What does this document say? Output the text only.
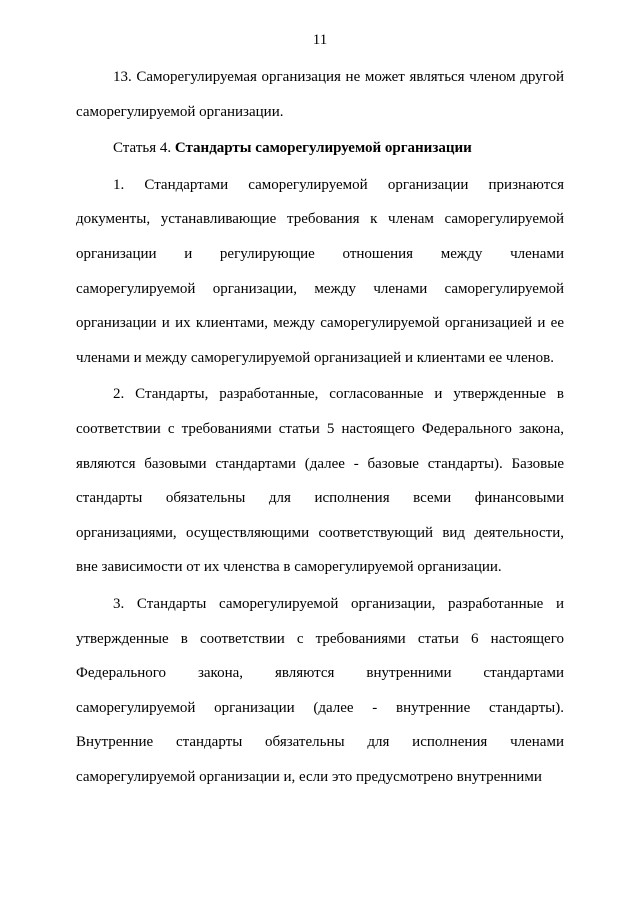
11

13. Саморегулируемая организация не может являться членом другой саморегулируемой организации.

Статья 4. Стандарты саморегулируемой организации

1. Стандартами саморегулируемой организации признаются документы, устанавливающие требования к членам саморегулируемой организации и регулирующие отношения между членами саморегулируемой организации, между членами саморегулируемой организации и их клиентами, между саморегулируемой организацией и ее членами и между саморегулируемой организацией и клиентами ее членов.

2. Стандарты, разработанные, согласованные и утвержденные в соответствии с требованиями статьи 5 настоящего Федерального закона, являются базовыми стандартами (далее - базовые стандарты). Базовые стандарты обязательны для исполнения всеми финансовыми организациями, осуществляющими соответствующий вид деятельности, вне зависимости от их членства в саморегулируемой организации.

3. Стандарты саморегулируемой организации, разработанные и утвержденные в соответствии с требованиями статьи 6 настоящего Федерального закона, являются внутренними стандартами саморегулируемой организации (далее - внутренние стандарты). Внутренние стандарты обязательны для исполнения членами саморегулируемой организации и, если это предусмотрено внутренними
